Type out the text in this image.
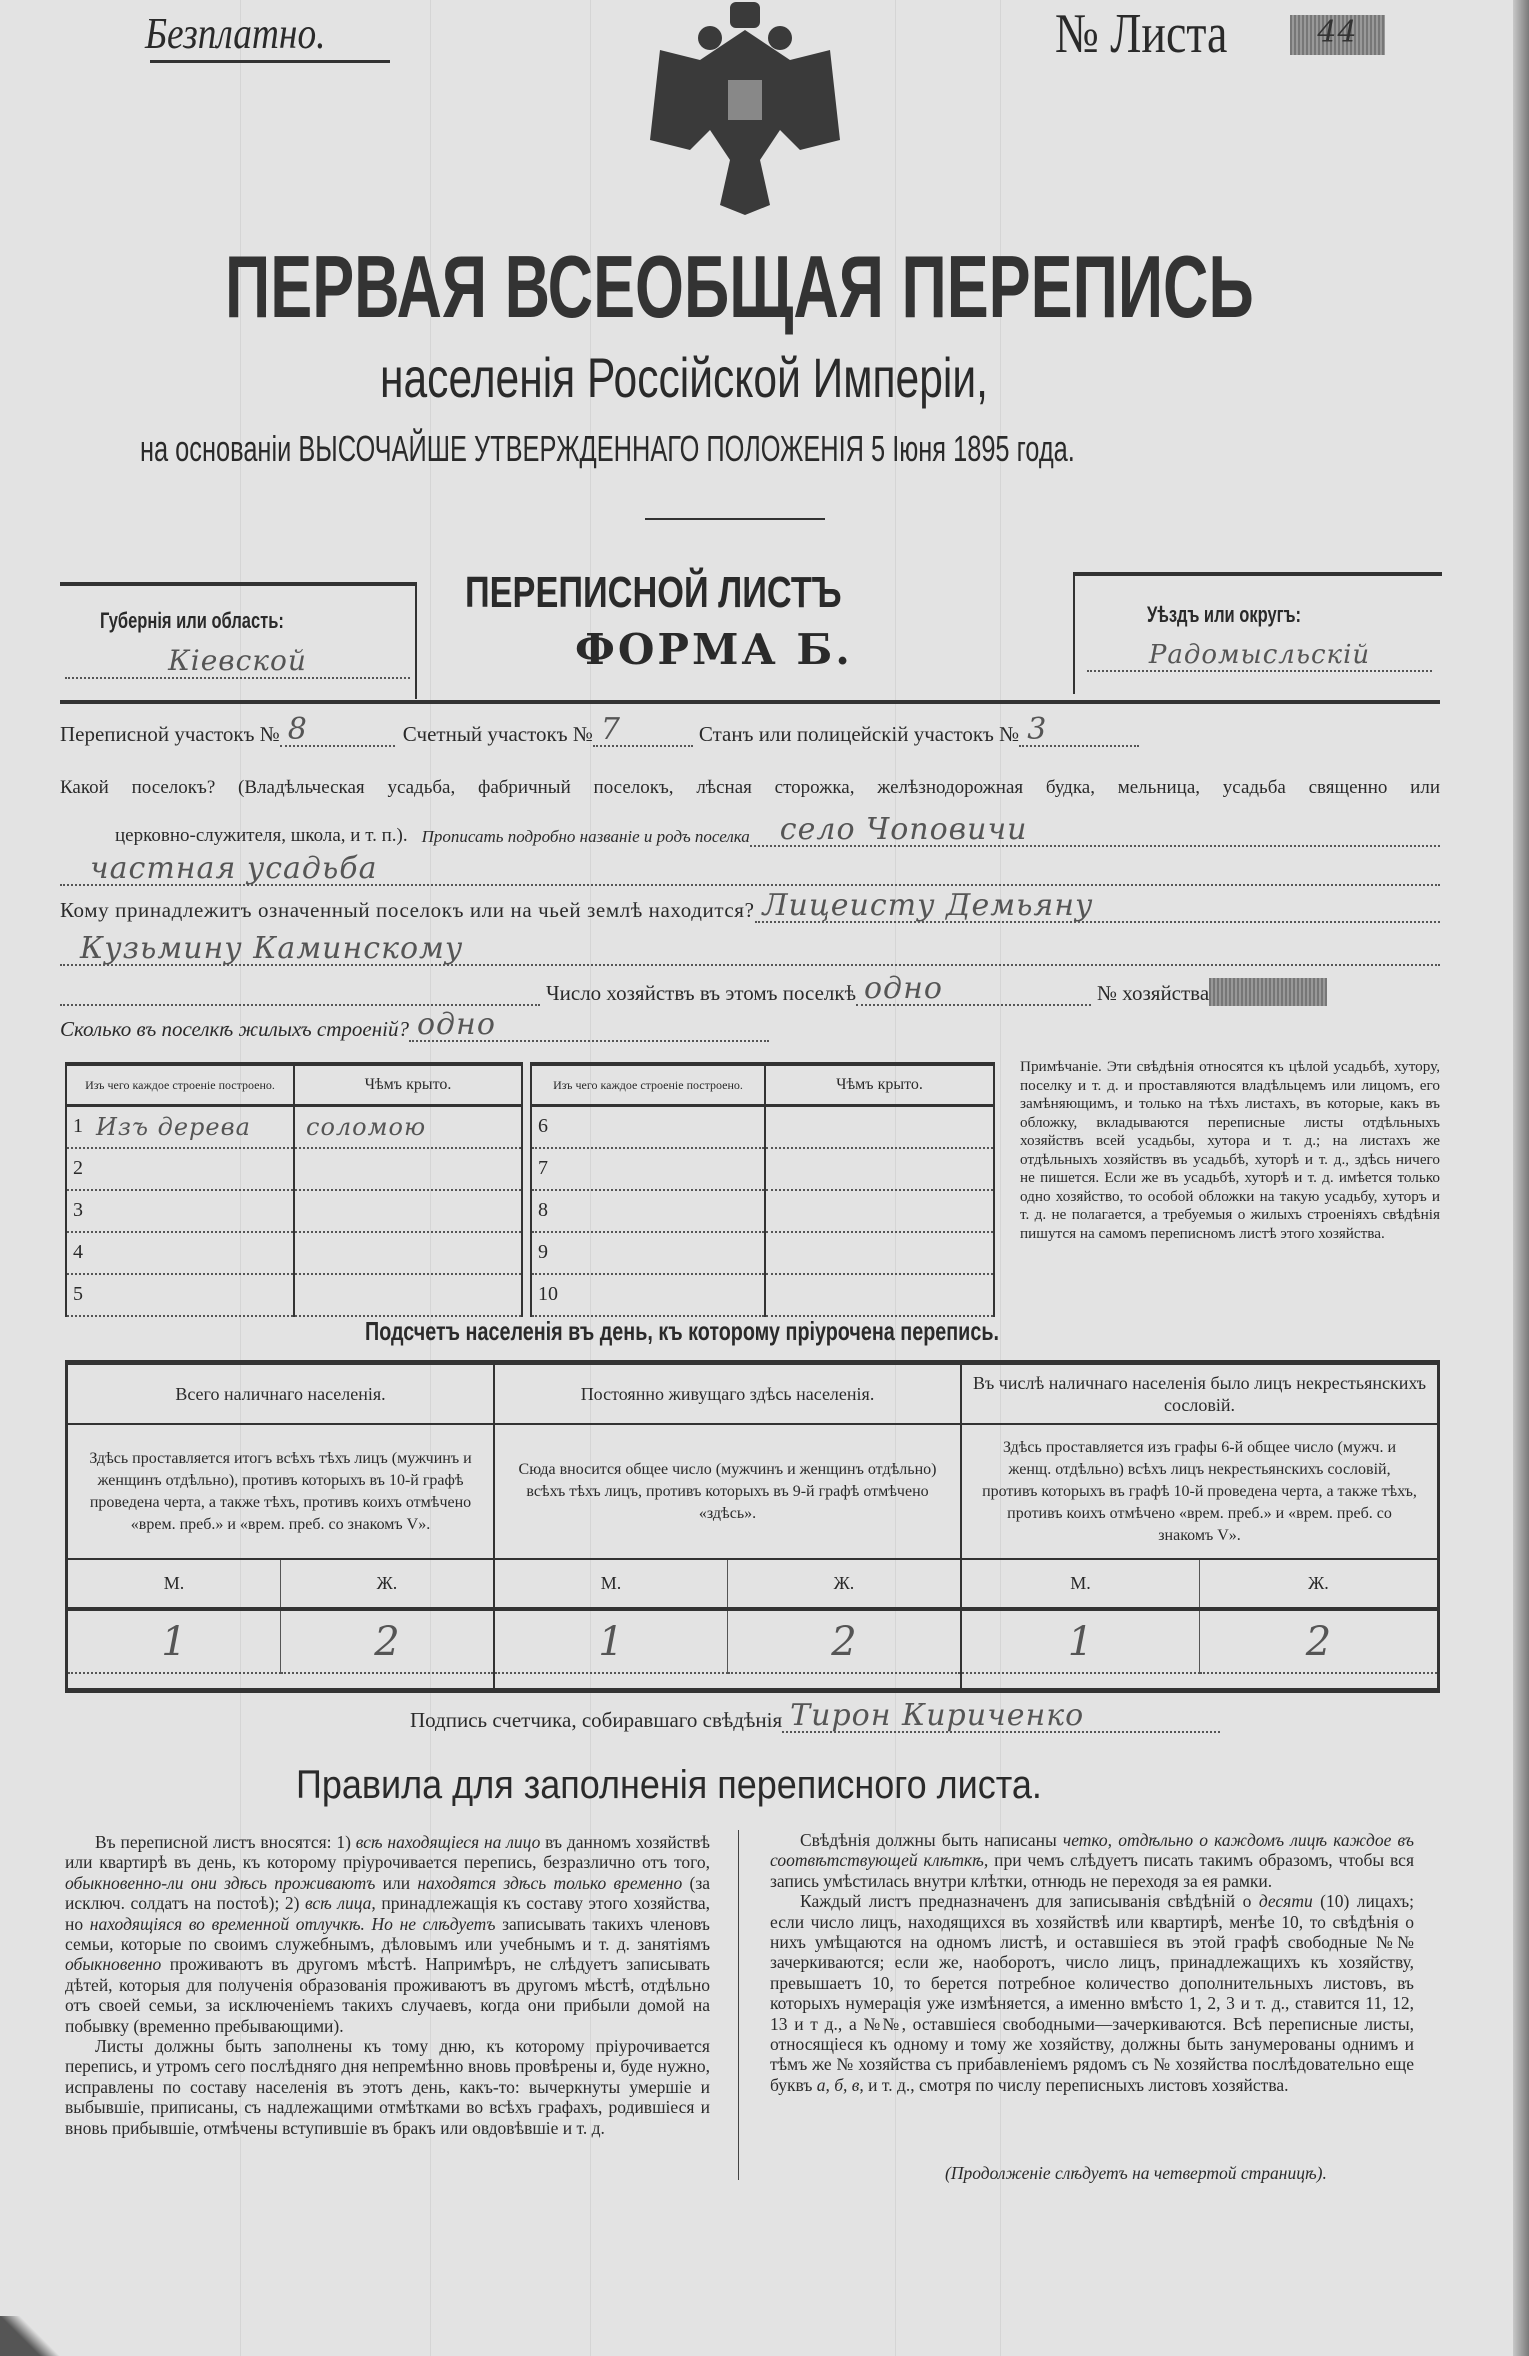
Безплатно.	№ Листа	44
ПЕРВАЯ ВСЕОБЩАЯ ПЕРЕПИСЬ
населенія Россійской Имперіи,
на основаніи ВЫСОЧАЙШЕ УТВЕРЖДЕННАГО ПОЛОЖЕНІЯ 5 Іюня 1895 года.
Губернія или область:
Кіевской
ПЕРЕПИСНОЙ ЛИСТЪ
ФОРМА Б.
Уѣздъ или округъ:
Радомысльскій
Переписной участокъ № 8	Счетный участокъ № 7	Станъ или полицейскій участокъ № 3
Какой поселокъ? (Владѣльческая усадьба, фабричный поселокъ, лѣсная сторожка, желѣзнодорожная будка, мельница, усадьба священно или
церковно-служителя, школа, и т. п.). Прописать подробно названіе и родъ поселка село Чоповичи
частная усадьба
Кому принадлежитъ означенный поселокъ или на чьей землѣ находится? Лицеисту Демьяну
Кузьмину Каминскому
Число хозяйствъ въ этомъ поселкѣ одно	№ хозяйства
Сколько въ поселкѣ жилыхъ строеній? одно
Изъ чего каждое строеніе построено.	Чѣмъ крыто.

1 Изъ дерева	соломою

2	

3	

4	

5	

Изъ чего каждое строеніе построено.	Чѣмъ крыто.

6	

7	

8	

9	

10	

Примѣчаніе. Эти свѣдѣнія относятся къ цѣлой усадьбѣ, хутору, поселку и т. д. и проставляются владѣльцемъ или лицомъ, его замѣняющимъ, и только на тѣхъ листахъ, въ которые, какъ въ обложку, вкладываются переписные листы отдѣльныхъ хозяйствъ всей усадьбы, хутора и т. д.; на листахъ же отдѣльныхъ хозяйствъ въ усадьбѣ, хуторѣ и т. д., здѣсь ничего не пишется. Если же въ усадьбѣ, хуторѣ и т. д. имѣется только одно хозяйство, то особой обложки на такую усадьбу, хуторъ и т. д. не полагается, а требуемыя о жилыхъ строеніяхъ свѣдѣнія пишутся на самомъ переписномъ листѣ этого хозяйства.
Подсчетъ населенія въ день, къ которому пріурочена перепись.
Всего наличнаго населенія.
Здѣсь проставляется итогъ всѣхъ тѣхъ лицъ (мужчинъ и женщинъ отдѣльно), противъ которыхъ въ 10-й графѣ проведена черта, а также тѣхъ, противъ коихъ отмѣчено «врем. преб.» и «врем. преб. со знакомъ V».
М.	Ж.
1	2
Постоянно живущаго здѣсь населенія.
Сюда вносится общее число (мужчинъ и женщинъ отдѣльно) всѣхъ тѣхъ лицъ, противъ которыхъ въ 9-й графѣ отмѣчено «здѣсь».
М.	Ж.
1	2
Въ числѣ наличнаго населенія было лицъ некрестьянскихъ сословій.
Здѣсь проставляется изъ графы 6-й общее число (мужч. и женщ. отдѣльно) всѣхъ лицъ некрестьянскихъ сословій, противъ которыхъ въ графѣ 10-й проведена черта, а также тѣхъ, противъ коихъ отмѣчено «врем. преб.» и «врем. преб. со знакомъ V».
М.	Ж.
1	2
Подпись счетчика, собиравшаго свѣдѣнія Тирон Кириченко
Правила для заполненія переписного листа.

Въ переписной листъ вносятся: 1) всѣ находящіеся на лицо въ данномъ хозяйствѣ или квартирѣ въ день, къ которому пріурочивается перепись, безразлично отъ того, обыкновенно-ли они здѣсь проживаютъ или находятся здѣсь только временно (за исключ. солдатъ на постоѣ); 2) всѣ лица, принадлежащія къ составу этого хозяйства, но находящіяся во временной отлучкѣ. Но не слѣдуетъ записывать такихъ членовъ семьи, которые по своимъ служебнымъ, дѣловымъ или учебнымъ и т. д. занятіямъ обыкновенно проживаютъ въ другомъ мѣстѣ. Напримѣръ, не слѣдуетъ записывать дѣтей, которыя для полученія образованія проживаютъ въ другомъ мѣстѣ, отдѣльно отъ своей семьи, за исключеніемъ такихъ случаевъ, когда они прибыли домой на побывку (временно пребывающими).

Листы должны быть заполнены къ тому дню, къ которому пріурочивается перепись, и утромъ сего послѣдняго дня непремѣнно вновь провѣрены и, буде нужно, исправлены по составу населенія въ этотъ день, какъ-то: вычеркнуты умершіе и выбывшіе, приписаны, съ надлежащими отмѣтками во всѣхъ графахъ, родившіеся и вновь прибывшіе, отмѣчены вступившіе въ бракъ или овдовѣвшіе и т. д.

Свѣдѣнія должны быть написаны четко, отдѣльно о каждомъ лицѣ каждое въ соотвѣтствующей клѣткѣ, при чемъ слѣдуетъ писать такимъ образомъ, чтобы вся запись умѣстилась внутри клѣтки, отнюдь не переходя за ея рамки.

Каждый листъ предназначенъ для записыванія свѣдѣній о десяти (10) лицахъ; если число лицъ, находящихся въ хозяйствѣ или квартирѣ, менѣе 10, то свѣдѣнія о нихъ умѣщаются на одномъ листѣ, и оставшіеся въ этой графѣ свободные №№ зачеркиваются; если же, наоборотъ, число лицъ, принадлежащихъ къ хозяйству, превышаетъ 10, то берется потребное количество дополнительныхъ листовъ, въ которыхъ нумерація уже измѣняется, а именно вмѣсто 1, 2, 3 и т. д., ставится 11, 12, 13 и т д., а №№, оставшіеся свободными—зачеркиваются. Всѣ переписные листы, относящіеся къ одному и тому же хозяйству, должны быть занумерованы однимъ и тѣмъ же № хозяйства съ прибавленіемъ рядомъ съ № хозяйства послѣдовательно еще буквъ а, б, в, и т. д., смотря по числу переписныхъ листовъ хозяйства.

(Продолженіе слѣдуетъ на четвертой страницѣ).
